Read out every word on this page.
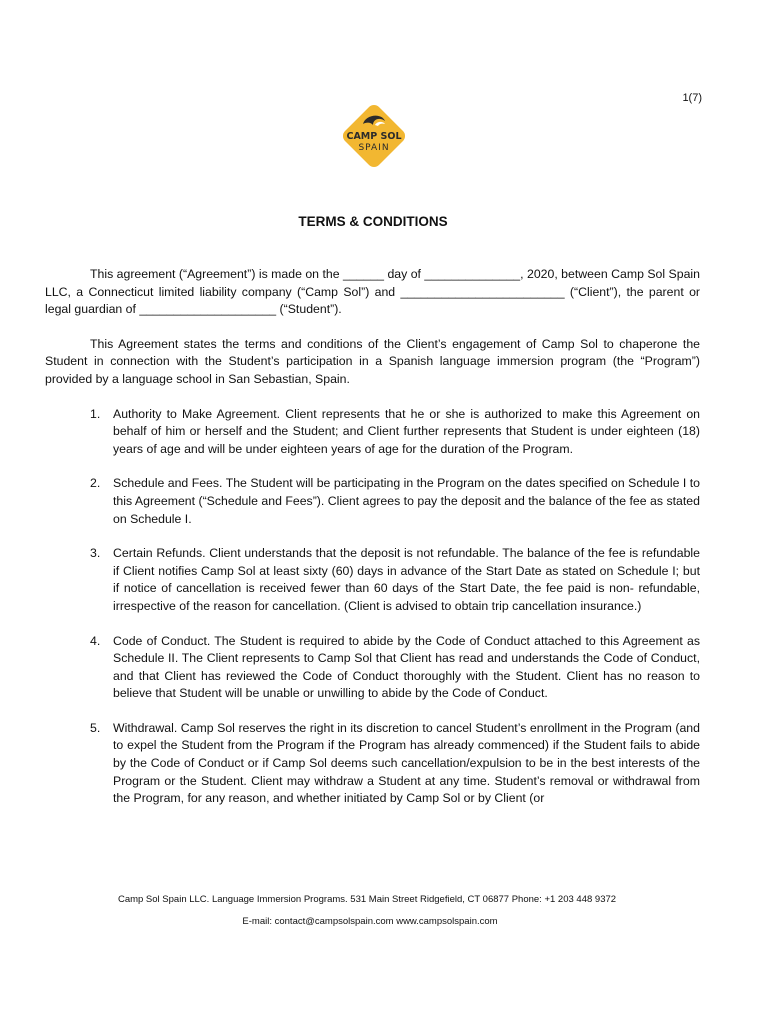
1(7)
CAMP SOL
SPAIN
TERMS & CONDITIONS

This agreement (“Agreement”) is made on the ______ day of ______________, 2020, between Camp Sol Spain LLC, a Connecticut limited liability company (“Camp Sol”) and ________________________ (“Client”), the parent or legal guardian of ____________________ (“Student”).

This Agreement states the terms and conditions of the Client’s engagement of Camp Sol to chaperone the Student in connection with the Student’s participation in a Spanish language immersion program (the “Program”) provided by a language school in San Sebastian, Spain.

1.	Authority to Make Agreement. Client represents that he or she is authorized to make this Agreement on behalf of him or herself and the Student; and Client further represents that Student is under eighteen (18) years of age and will be under eighteen years of age for the duration of the Program.
2.	Schedule and Fees. The Student will be participating in the Program on the dates specified on Schedule I to this Agreement (“Schedule and Fees”). Client agrees to pay the deposit and the balance of the fee as stated on Schedule I.
3.	Certain Refunds. Client understands that the deposit is not refundable. The balance of the fee is refundable if Client notifies Camp Sol at least sixty (60) days in advance of the Start Date as stated on Schedule I; but if notice of cancellation is received fewer than 60 days of the Start Date, the fee paid is non- refundable, irrespective of the reason for cancellation. (Client is advised to obtain trip cancellation insurance.)
4.	Code of Conduct. The Student is required to abide by the Code of Conduct attached to this Agreement as Schedule II. The Client represents to Camp Sol that Client has read and understands the Code of Conduct, and that Client has reviewed the Code of Conduct thoroughly with the Student. Client has no reason to believe that Student will be unable or unwilling to abide by the Code of Conduct.
5.	Withdrawal. Camp Sol reserves the right in its discretion to cancel Student’s enrollment in the Program (and to expel the Student from the Program if the Program has already commenced) if the Student fails to abide by the Code of Conduct or if Camp Sol deems such cancellation/expulsion to be in the best interests of the Program or the Student. Client may withdraw a Student at any time. Student’s removal or withdrawal from the Program, for any reason, and whether initiated by Camp Sol or by Client (or
Camp Sol Spain LLC. Language Immersion Programs. 531 Main Street Ridgefield, CT 06877 Phone: +1 203 448 9372
E-mail: contact@campsolspain.com www.campsolspain.com
